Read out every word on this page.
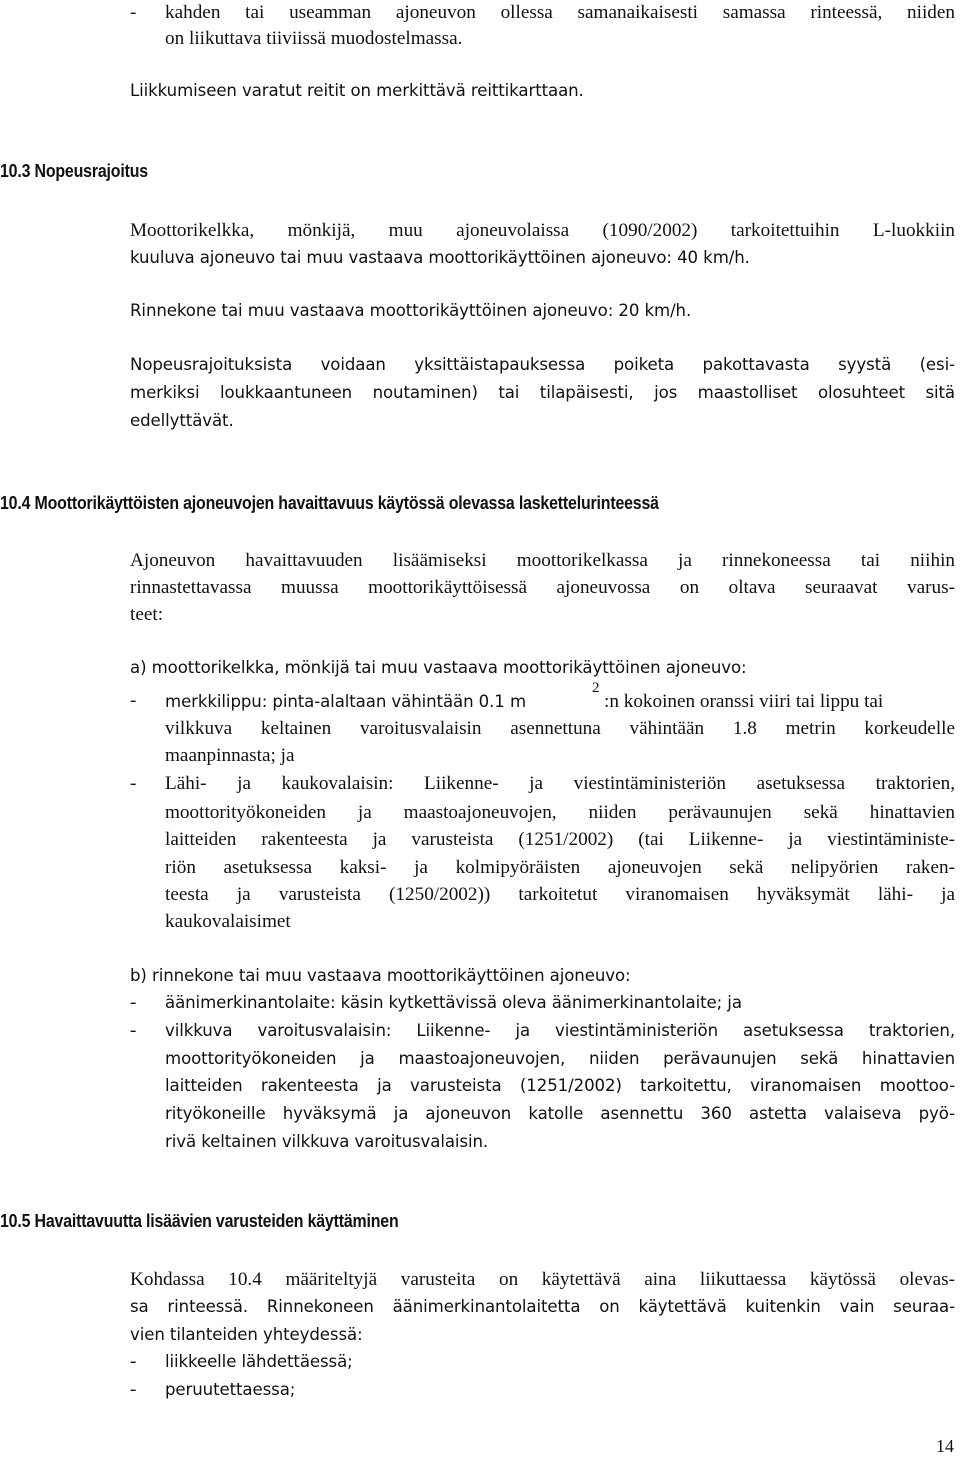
- kahden tai useamman ajoneuvon ollessa samanaikaisesti samassa rinteessä, niiden
on liikuttava tiiviissä muodostelmassa.
Liikkumiseen varatut reitit on merkittävä reittikarttaan.
10.3 Nopeusrajoitus
Moottorikelkka, mönkijä, muu ajoneuvolaissa (1090/2002) tarkoitettuihin L-luokkiin
kuuluva ajoneuvo tai muu vastaava moottorikäyttöinen ajoneuvo: 40 km/h.
Rinnekone tai muu vastaava moottorikäyttöinen ajoneuvo: 20 km/h.
Nopeusrajoituksista voidaan yksittäistapauksessa poiketa pakottavasta syystä (esi-
merkiksi loukkaantuneen noutaminen) tai tilapäisesti, jos maastolliset olosuhteet sitä
edellyttävät.
10.4 Moottorikäyttöisten ajoneuvojen havaittavuus käytössä olevassa laskettelurinteessä
Ajoneuvon havaittavuuden lisäämiseksi moottorikelkassa ja rinnekoneessa tai niihin
rinnastettavassa muussa moottorikäyttöisessä ajoneuvossa on oltava seuraavat varus-
teet:
a) moottorikelkka, mönkijä tai muu vastaava moottorikäyttöinen ajoneuvo:
- merkkilippu: pinta-alaltaan vähintään 0.1 m
2
:n kokoinen oranssi viiri tai lippu tai
vilkkuva keltainen varoitusvalaisin asennettuna vähintään 1.8 metrin korkeudelle
maanpinnasta; ja
- Lähi- ja kaukovalaisin: Liikenne- ja viestintäministeriön asetuksessa traktorien,
moottorityökoneiden ja maastoajoneuvojen, niiden perävaunujen sekä hinattavien
laitteiden rakenteesta ja varusteista (1251/2002) (tai Liikenne- ja viestintäministe-
riön asetuksessa kaksi- ja kolmipyöräisten ajoneuvojen sekä nelipyörien raken-
teesta ja varusteista (1250/2002)) tarkoitetut viranomaisen hyväksymät lähi- ja
kaukovalaisimet
b) rinnekone tai muu vastaava moottorikäyttöinen ajoneuvo:
- äänimerkinantolaite: käsin kytkettävissä oleva äänimerkinantolaite; ja
- vilkkuva varoitusvalaisin: Liikenne- ja viestintäministeriön asetuksessa traktorien,
moottorityökoneiden ja maastoajoneuvojen, niiden perävaunujen sekä hinattavien
laitteiden rakenteesta ja varusteista (1251/2002) tarkoitettu, viranomaisen moottoo-
rityökoneille hyväksymä ja ajoneuvon katolle asennettu 360 astetta valaiseva pyö-
rivä keltainen vilkkuva varoitusvalaisin.
10.5 Havaittavuutta lisäävien varusteiden käyttäminen
Kohdassa 10.4 määriteltyjä varusteita on käytettävä aina liikuttaessa käytössä olevas-
sa rinteessä. Rinnekoneen äänimerkinantolaitetta on käytettävä kuitenkin vain seuraa-
vien tilanteiden yhteydessä:
- liikkeelle lähdettäessä;
- peruutettaessa;
14
